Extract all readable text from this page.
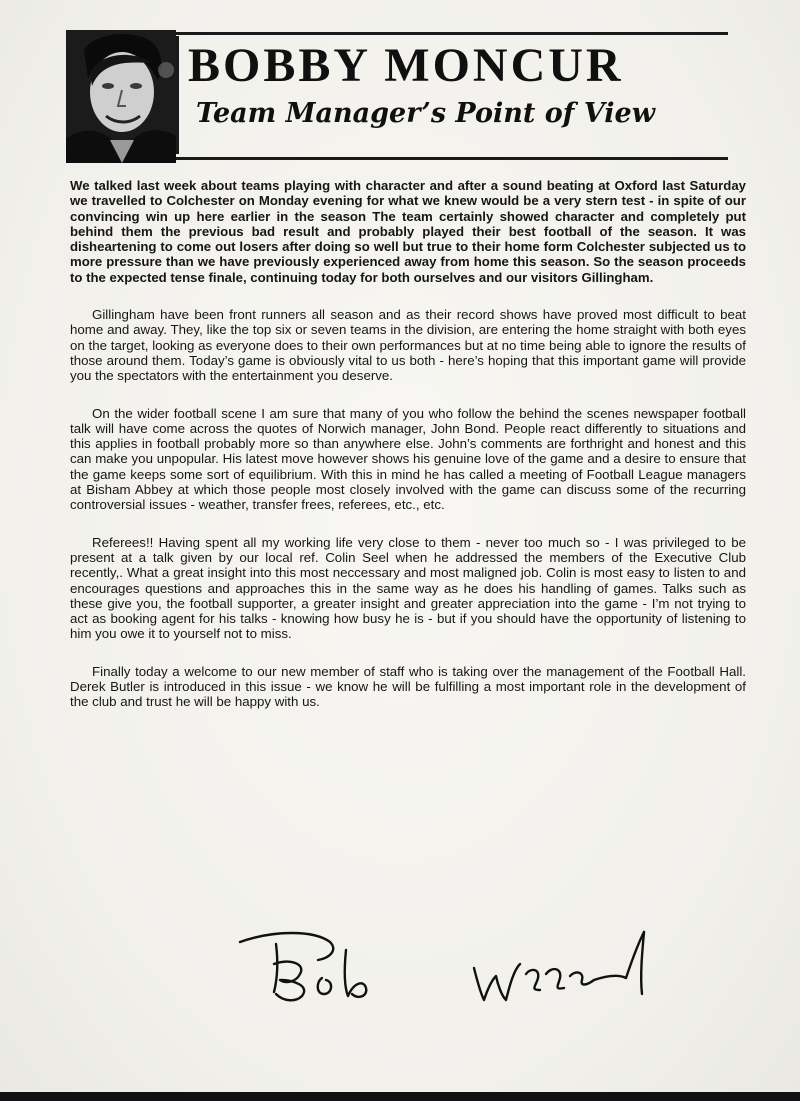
BOBBY MONCUR
Team Manager’s Point of View

We talked last week about teams playing with character and after a sound beating at Oxford last Saturday we travelled to Colchester on Monday evening for what we knew would be a very stern test - in spite of our convincing win up here earlier in the season The team certainly showed character and completely put behind them the previous bad result and probably played their best football of the season. It was disheartening to come out losers after doing so well but true to their home form Colchester subjected us to more pressure than we have previously experienced away from home this season. So the season proceeds to the expected tense finale, continuing today for both ourselves and our visitors Gillingham.

Gillingham have been front runners all season and as their record shows have proved most difficult to beat home and away. They, like the top six or seven teams in the division, are entering the home straight with both eyes on the target, looking as everyone does to their own performances but at no time being able to ignore the results of those around them. Today’s game is obviously vital to us both - here’s hoping that this important game will provide you the spectators with the entertainment you deserve.

On the wider football scene I am sure that many of you who follow the behind the scenes newspaper football talk will have come across the quotes of Norwich manager, John Bond. People react differently to situations and this applies in football probably more so than anywhere else. John’s comments are forthright and honest and this can make you unpopular. His latest move however shows his genuine love of the game and a desire to ensure that the game keeps some sort of equilibrium. With this in mind he has called a meeting of Football League managers at Bisham Abbey at which those people most closely involved with the game can discuss some of the recurring controversial issues - weather, transfer frees, referees, etc., etc.

Referees!! Having spent all my working life very close to them - never too much so - I was privileged to be present at a talk given by our local ref. Colin Seel when he addressed the members of the Executive Club recently,. What a great insight into this most neccessary and most maligned job. Colin is most easy to listen to and encourages questions and approaches this in the same way as he does his handling of games. Talks such as these give you, the football supporter, a greater insight and greater appreciation into the game - I’m not trying to act as booking agent for his talks - knowing how busy he is - but if you should have the opportunity of listening to him you owe it to yourself not to miss.

Finally today a welcome to our new member of staff who is taking over the management of the Football Hall. Derek Butler is introduced in this issue - we know he will be fulfilling a most important role in the development of the club and trust he will be happy with us.
